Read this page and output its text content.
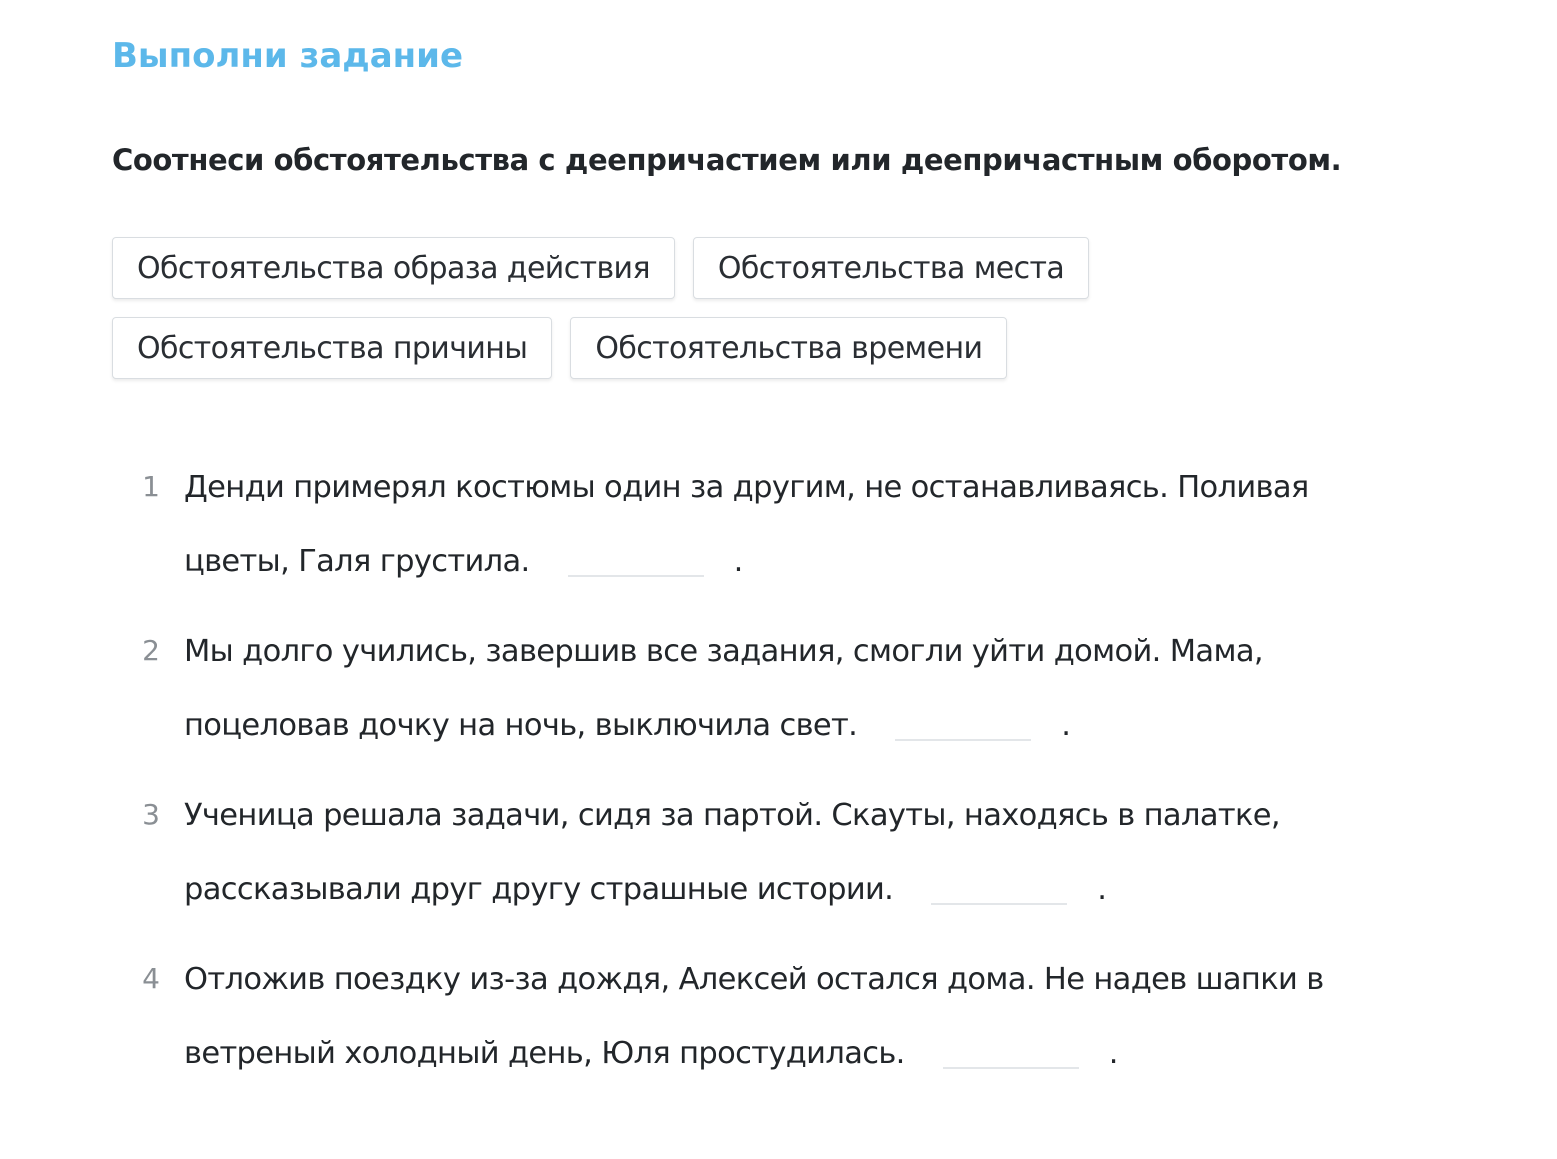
Выполни задание

Соотнеси обстоятельства с деепричастием или деепричастным оборотом.

Обстоятельства образа действия	Обстоятельства места
Обстоятельства причины	Обстоятельства времени
1 Денди примерял костюмы один за другим, не останавливаясь. Поливая
цветы, Галя грустила.	.
2 Мы долго учились, завершив все задания, смогли уйти домой. Мама,
поцеловав дочку на ночь, выключила свет.	.
3 Ученица решала задачи, сидя за партой. Скауты, находясь в палатке,
рассказывали друг другу страшные истории.	.
4 Отложив поездку из-за дождя, Алексей остался дома. Не надев шапки в
ветреный холодный день, Юля простудилась.	.
